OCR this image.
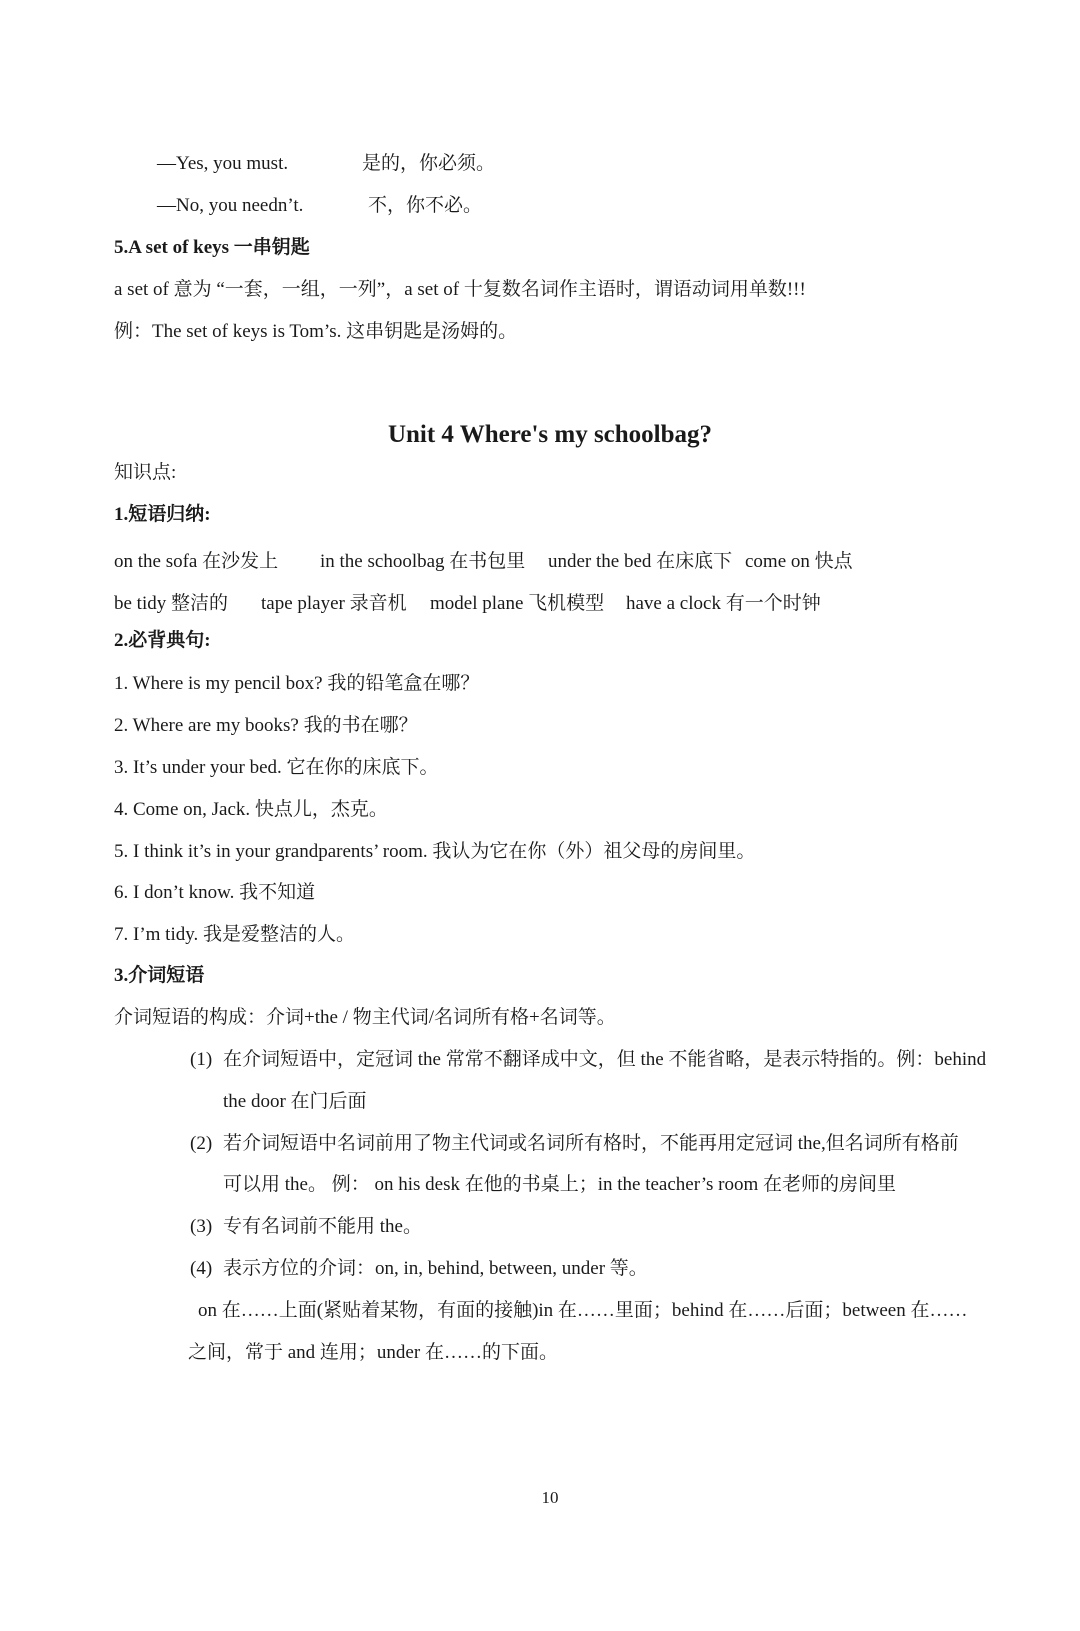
—Yes, you must.	是的，你必须。
—No, you needn’t.	不，你不必。
5.A set of keys 一串钥匙
a set of 意为 “一套，一组，一列”，a set of 十复数名词作主语时，谓语动词用单数!!!
例：The set of keys is Tom’s. 这串钥匙是汤姆的。
Unit 4 Where's my schoolbag?
知识点:
1.短语归纳:
on the sofa 在沙发上 in the schoolbag 在书包里 under the bed 在床底下 come on 快点
be tidy 整洁的 tape player 录音机 model plane 飞机模型 have a clock 有一个时钟
2.必背典句:
1. Where is my pencil box? 我的铅笔盒在哪？
2. Where are my books? 我的书在哪？
3. It’s under your bed. 它在你的床底下。
4. Come on, Jack. 快点儿，杰克。
5. I think it’s in your grandparents’ room. 我认为它在你（外）祖父母的房间里。
6. I don’t know. 我不知道
7. I’m tidy. 我是爱整洁的人。
3.介词短语
介词短语的构成：介词+the / 物主代词/名词所有格+名词等。
(1) 在介词短语中，定冠词 the 常常不翻译成中文，但 the 不能省略，是表示特指的。例：behind
the door 在门后面
(2) 若介词短语中名词前用了物主代词或名词所有格时，不能再用定冠词 the,但名词所有格前
可以用 the。 例： on his desk 在他的书桌上；in the teacher’s room 在老师的房间里
(3) 专有名词前不能用 the。
(4) 表示方位的介词：on, in, behind, between, under 等。
on 在……上面(紧贴着某物，有面的接触)in 在……里面；behind 在……后面；between 在……
之间，常于 and 连用；under 在……的下面。
10
